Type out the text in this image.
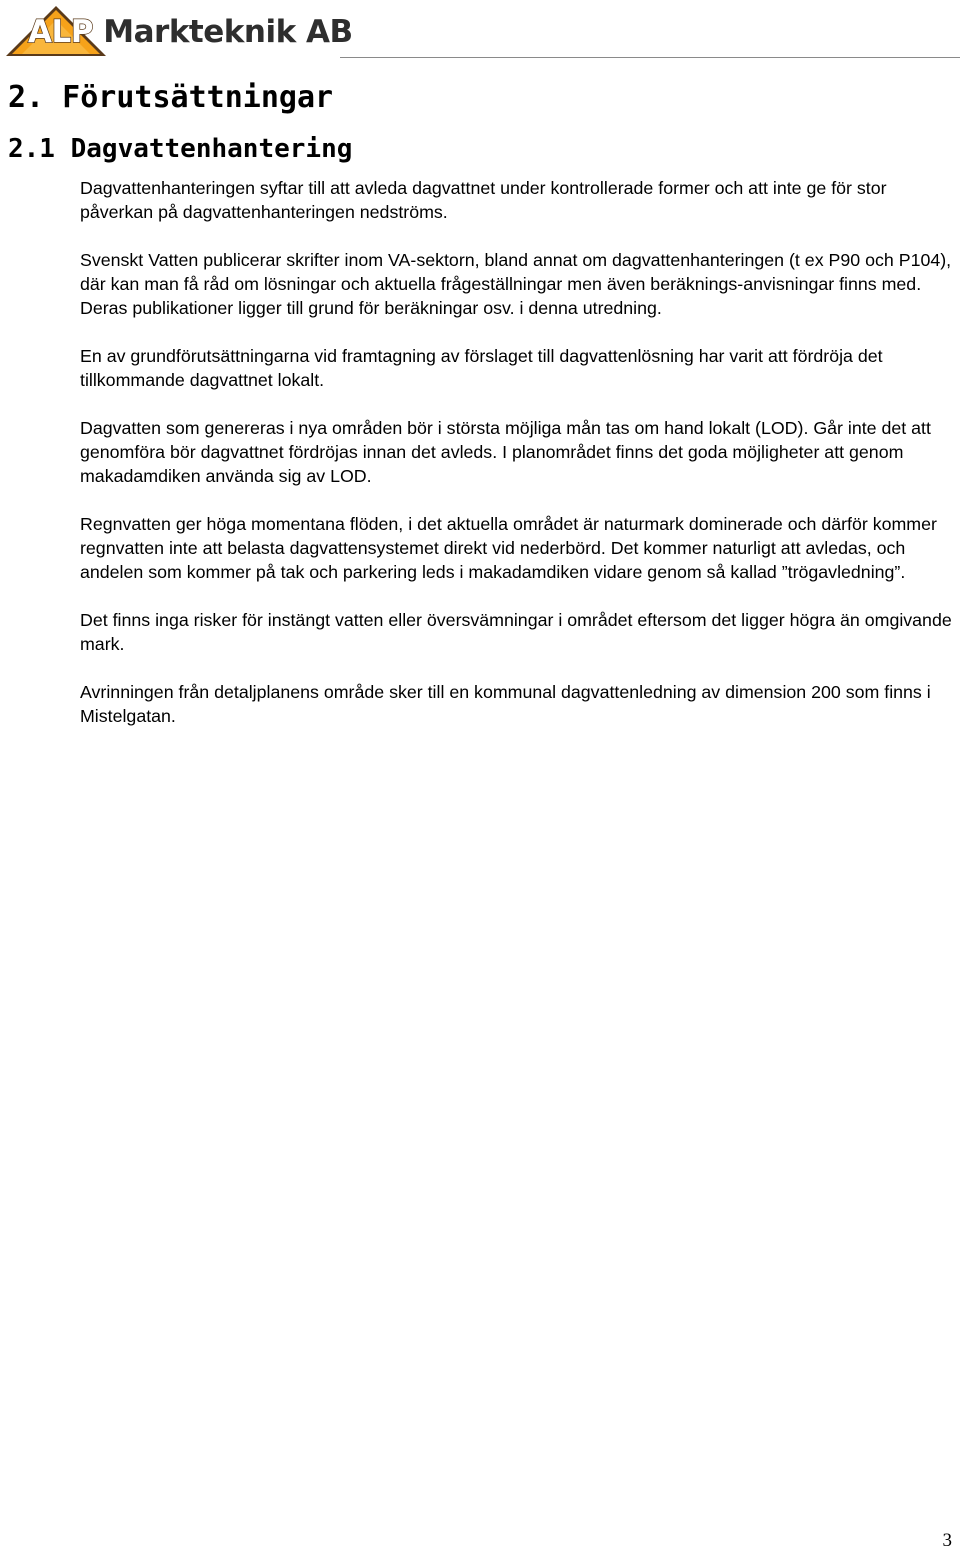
ALP Markteknik AB
2. Förutsättningar
2.1 Dagvattenhantering

Dagvattenhanteringen syftar till att avleda dagvattnet under kontrollerade former och att inte ge för stor påverkan på dagvattenhanteringen nedströms.

Svenskt Vatten publicerar skrifter inom VA-sektorn, bland annat om dagvattenhanteringen (t ex P90 och P104), där kan man få råd om lösningar och aktuella frågeställningar men även beräknings-anvisningar finns med. Deras publikationer ligger till grund för beräkningar osv. i denna utredning.

En av grundförutsättningarna vid framtagning av förslaget till dagvattenlösning har varit att fördröja det tillkommande dagvattnet lokalt.

Dagvatten som genereras i nya områden bör i största möjliga mån tas om hand lokalt (LOD). Går inte det att genomföra bör dagvattnet fördröjas innan det avleds. I planområdet finns det goda möjligheter att genom makadamdiken använda sig av LOD.

Regnvatten ger höga momentana flöden, i det aktuella området är naturmark dominerade och därför kommer regnvatten inte att belasta dagvattensystemet direkt vid nederbörd. Det kommer naturligt att avledas, och andelen som kommer på tak och parkering leds i makadamdiken vidare genom så kallad ”trögavledning”.

Det finns inga risker för instängt vatten eller översvämningar i området eftersom det ligger högra än omgivande mark.

Avrinningen från detaljplanens område sker till en kommunal dagvattenledning av dimension 200 som finns i Mistelgatan.

3
